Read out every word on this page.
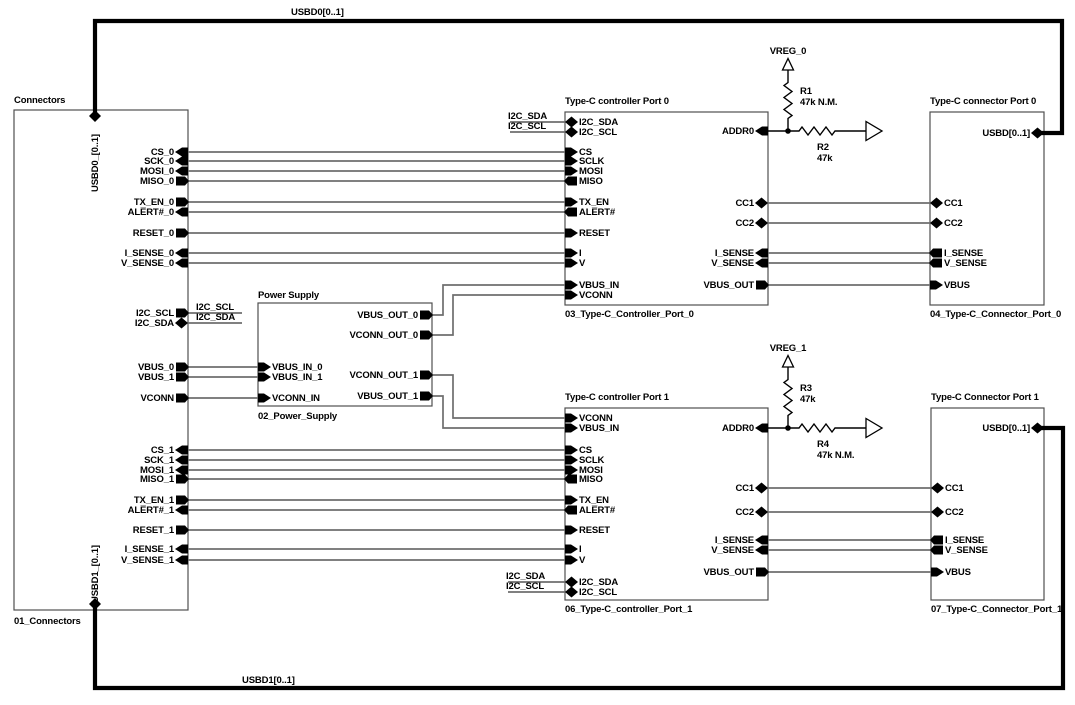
I2C_SCL
I2C_SDA
I2C_SDA
I2C_SCL
I2C_SDA
I2C_SCL
USBD0[0..1]
USBD1[0..1]
R1
47k N.M.
R2
47k
R3
47k
R4
47k N.M.
VREG_0
VREG_1
Connectors
01_Connectors
USBD0_[0..1]	CS_0
SCK_0
MOSI_0
MISO_0
TX_EN_0
ALE̅RT#_0
RESET_0
I_SENSE_0
V_SENSE_0
I2C_SCL
I2C_SDA
VBUS_0
VBUS_1
VCONN
CS_1
SCK_1
MOSI_1
MISO_1
TX_EN_1
ALE̅RT#_1
RESET_1
I_SENSE_1
V_SENSE_1
USBD1_[0..1]
Power Supply
02_Power_Supply
VBUS_IN_0
VBUS_IN_1
VCONN_IN
VBUS_OUT_0
VCONN_OUT_0
VCONN_OUT_1
VBUS_OUT_1
Type-C controller Port 0
03_Type-C_Controller_Port_0
I2C_SDA
I2C_SCL
CS
SCLK
MOSI
MISO
TX_EN
ALE̅RT#
RESET
I
V
VBUS_IN
VCONN
ADDR0
CC1
CC2
I_SENSE
V_SENSE
VBUS_OUT
Type-C connector Port 0
04_Type-C_Connector_Port_0
USBD[0..1]
CC1
CC2
I_SENSE
V_SENSE
VBUS
Type-C controller Port 1
06_Type-C_controller_Port_1
VCONN
VBUS_IN
CS
SCLK
MOSI
MISO
TX_EN
ALE̅RT#
RESET
I
V
I2C_SDA
I2C_SCL
ADDR0
CC1
CC2
I_SENSE
V_SENSE
VBUS_OUT
Type-C Connector Port 1
07_Type-C_Connector_Port_1
USBD[0..1]
CC1
CC2
I_SENSE
V_SENSE
VBUS
